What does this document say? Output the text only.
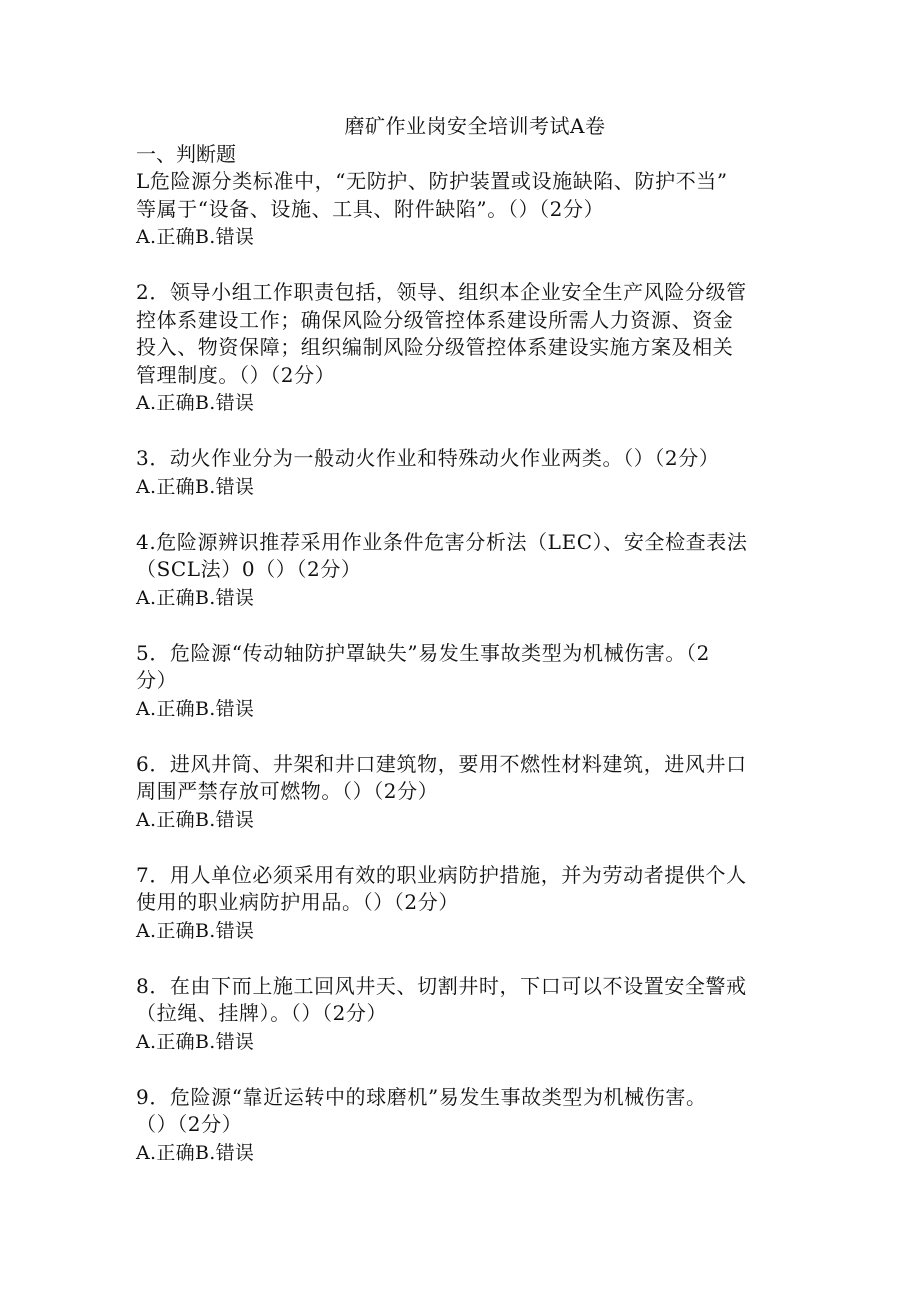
磨矿作业岗安全培训考试A卷
一、判断题
L危险源分类标准中，“无防护、防护装置或设施缺陷、防护不当”
等属于“设备、设施、工具、附件缺陷”。（）（2分）
A.正确B.错误
2．领导小组工作职责包括，领导、组织本企业安全生产风险分级管
控体系建设工作；确保风险分级管控体系建设所需人力资源、资金
投入、物资保障；组织编制风险分级管控体系建设实施方案及相关
管理制度。（）（2分）
A.正确B.错误
3．动火作业分为一般动火作业和特殊动火作业两类。（）（2分）
A.正确B.错误
4.危险源辨识推荐采用作业条件危害分析法（LEC）、安全检查表法
（SCL法）0（）（2分）
A.正确B.错误
5．危险源“传动轴防护罩缺失”易发生事故类型为机械伤害。（2
分）
A.正确B.错误
6．进风井筒、井架和井口建筑物，要用不燃性材料建筑，进风井口
周围严禁存放可燃物。（）（2分）
A.正确B.错误
7．用人单位必须采用有效的职业病防护措施，并为劳动者提供个人
使用的职业病防护用品。（）（2分）
A.正确B.错误
8．在由下而上施工回风井天、切割井时，下口可以不设置安全警戒
（拉绳、挂牌）。（）（2分）
A.正确B.错误
9．危险源“靠近运转中的球磨机”易发生事故类型为机械伤害。
（）（2分）
A.正确B.错误
